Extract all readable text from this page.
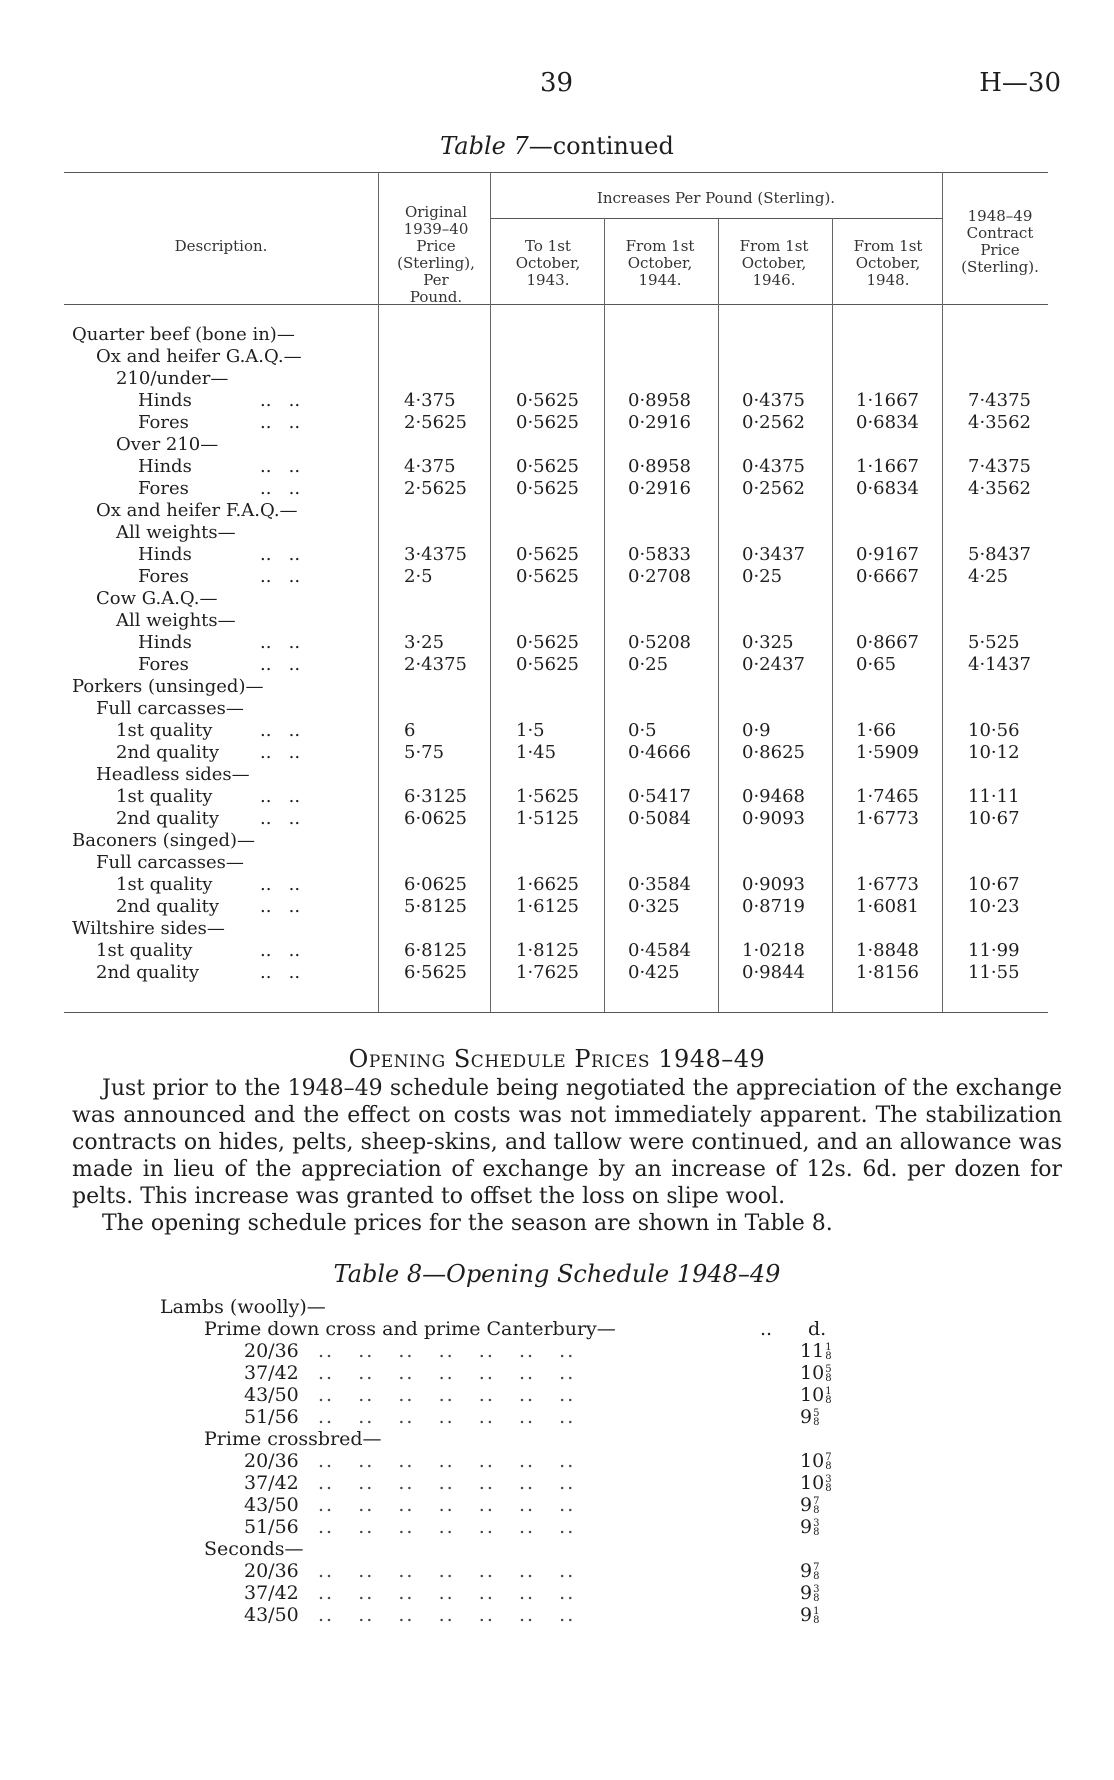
39	H—30
Table 7—continued
Description.
Original 1939–40 Price (Sterling), Per Pound.
Increases Per Pound (Sterling).
To 1st October, 1943.
From 1st October, 1944.
From 1st October, 1946.
From 1st October, 1948.
1948–49 Contract Price (Sterling).
Quarter beef (bone in)—
Ox and heifer G.A.Q.—
210/under—
Hinds	..   ..	4·375	0·5625	0·8958	0·4375	1·1667	7·4375
Fores	..   ..	2·5625	0·5625	0·2916	0·2562	0·6834	4·3562
Over 210—
Hinds	..   ..	4·375	0·5625	0·8958	0·4375	1·1667	7·4375
Fores	..   ..	2·5625	0·5625	0·2916	0·2562	0·6834	4·3562
Ox and heifer F.A.Q.—
All weights—
Hinds	..   ..	3·4375	0·5625	0·5833	0·3437	0·9167	5·8437
Fores	..   ..	2·5	0·5625	0·2708	0·25	0·6667	4·25
Cow G.A.Q.—
All weights—
Hinds	..   ..	3·25	0·5625	0·5208	0·325	0·8667	5·525
Fores	..   ..	2·4375	0·5625	0·25	0·2437	0·65	4·1437
Porkers (unsinged)—
Full carcasses—
1st quality	..   ..	6	1·5	0·5	0·9	1·66	10·56
2nd quality ..   ..	5·75	1·45	0·4666	0·8625	1·5909	10·12
Headless sides—
1st quality	..   ..	6·3125	1·5625	0·5417	0·9468	1·7465	11·11
2nd quality ..   ..	6·0625	1·5125	0·5084	0·9093	1·6773	10·67
Baconers (singed)—
Full carcasses—
1st quality	..   ..	6·0625	1·6625	0·3584	0·9093	1·6773	10·67
2nd quality ..   ..	5·8125	1·6125	0·325	0·8719	1·6081	10·23
Wiltshire sides—
1st quality	..   ..	6·8125	1·8125	0·4584	1·0218	1·8848	11·99
2nd quality	..   ..	6·5625	1·7625	0·425	0·9844	1·8156	11·55
Opening Schedule Prices 1948–49

Just prior to the 1948–49 schedule being negotiated the appreciation of the exchange was announced and the effect on costs was not immediately apparent. The stabilization contracts on hides, pelts, sheep-skins, and tallow were continued, and an allowance was made in lieu of the appreciation of exchange by an increase of 12s. 6d. per dozen for pelts. This increase was granted to offset the loss on slipe wool.

The opening schedule prices for the season are shown in Table 8.

Table 8—Opening Schedule 1948–49
Lambs (woolly)—
Prime down cross and prime Canterbury—	.. d.
20/36 ..   ..   ..   ..   ..   ..   ..	11 1
8
37/42 ..   ..   ..   ..   ..   ..   ..	10 5
8
43/50 ..   ..   ..   ..   ..   ..   ..	10 1
8
51/56 ..   ..   ..   ..   ..   ..   ..	9 5
8
Prime crossbred—
20/36 ..   ..   ..   ..   ..   ..   ..	10 7
8
37/42 ..   ..   ..   ..   ..   ..   ..	10 3
8
43/50 ..   ..   ..   ..   ..   ..   ..	9 7
8
51/56 ..   ..   ..   ..   ..   ..   ..	9 3
8
Seconds—
20/36 ..   ..   ..   ..   ..   ..   ..	9 7
8
37/42 ..   ..   ..   ..   ..   ..   ..	9 3
8
43/50 ..   ..   ..   ..   ..   ..   ..	9 1
8
